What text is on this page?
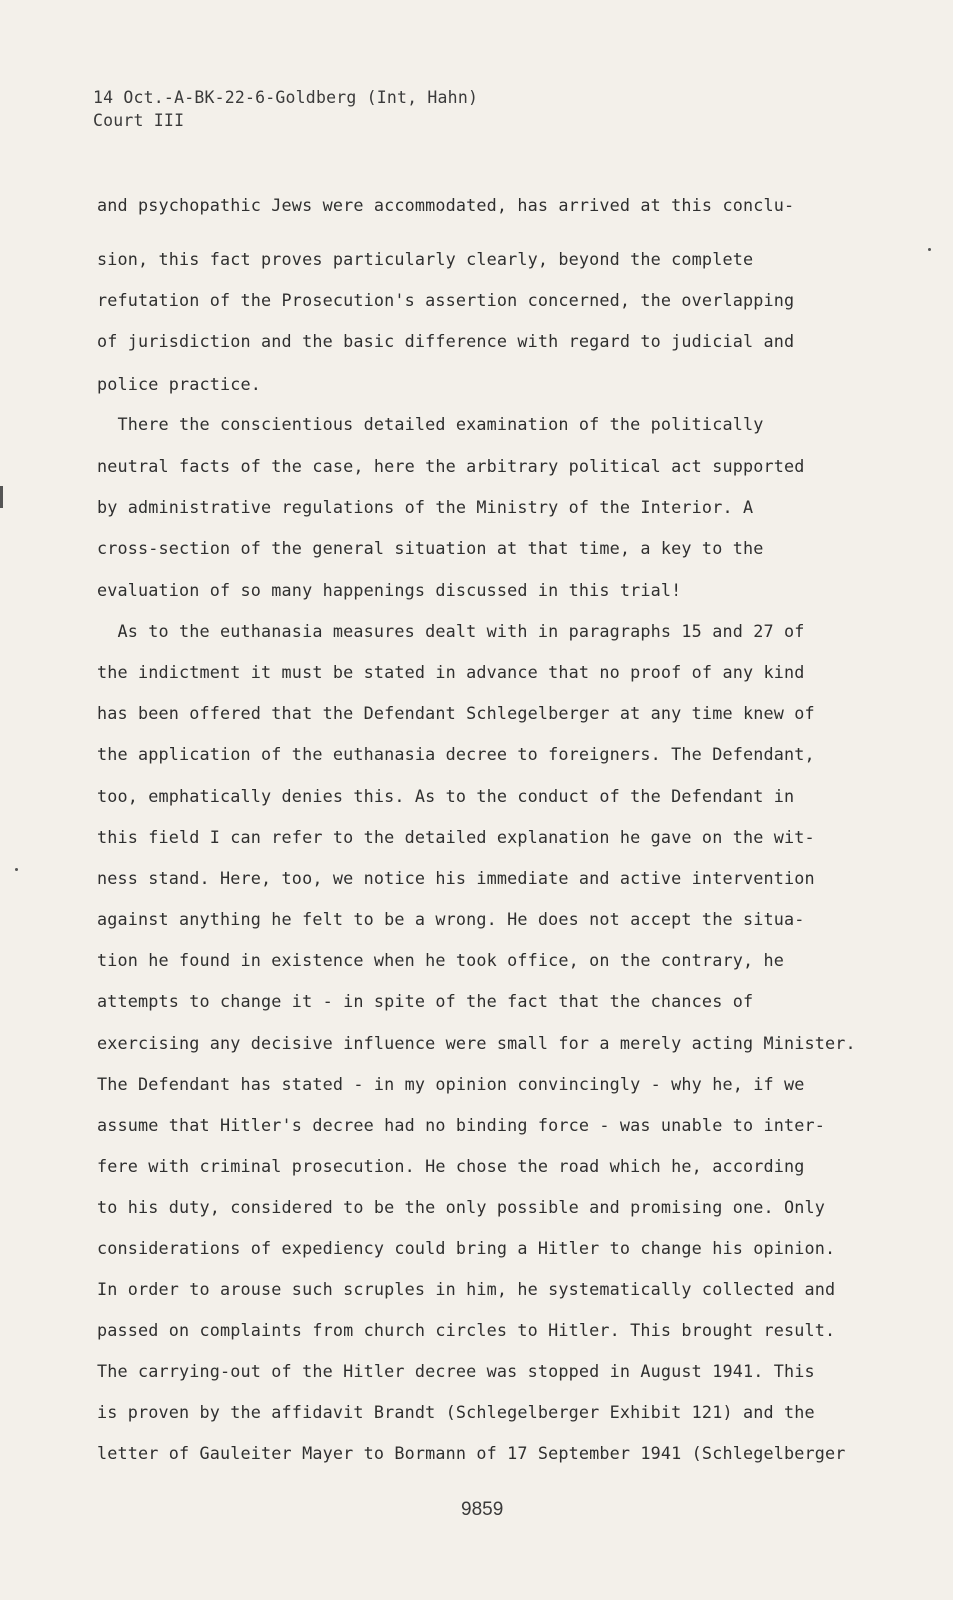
14 Oct.-A-BK-22-6-Goldberg (Int, Hahn)
Court III
and psychopathic Jews were accommodated, has arrived at this conclu-
sion, this fact proves particularly clearly, beyond the complete
refutation of the Prosecution's assertion concerned, the overlapping
of jurisdiction and the basic difference with regard to judicial and
police practice.
There the conscientious detailed examination of the politically
neutral facts of the case, here the arbitrary political act supported
by administrative regulations of the Ministry of the Interior. A
cross-section of the general situation at that time, a key to the
evaluation of so many happenings discussed in this trial!
As to the euthanasia measures dealt with in paragraphs 15 and 27 of
the indictment it must be stated in advance that no proof of any kind
has been offered that the Defendant Schlegelberger at any time knew of
the application of the euthanasia decree to foreigners. The Defendant,
too, emphatically denies this. As to the conduct of the Defendant in
this field I can refer to the detailed explanation he gave on the wit-
ness stand. Here, too, we notice his immediate and active intervention
against anything he felt to be a wrong. He does not accept the situa-
tion he found in existence when he took office, on the contrary, he
attempts to change it - in spite of the fact that the chances of
exercising any decisive influence were small for a merely acting Minister.
The Defendant has stated - in my opinion convincingly - why he, if we
assume that Hitler's decree had no binding force - was unable to inter-
fere with criminal prosecution. He chose the road which he, according
to his duty, considered to be the only possible and promising one. Only
considerations of expediency could bring a Hitler to change his opinion.
In order to arouse such scruples in him, he systematically collected and
passed on complaints from church circles to Hitler. This brought result.
The carrying-out of the Hitler decree was stopped in August 1941. This
is proven by the affidavit Brandt (Schlegelberger Exhibit 121) and the
letter of Gauleiter Mayer to Bormann of 17 September 1941 (Schlegelberger
9859
